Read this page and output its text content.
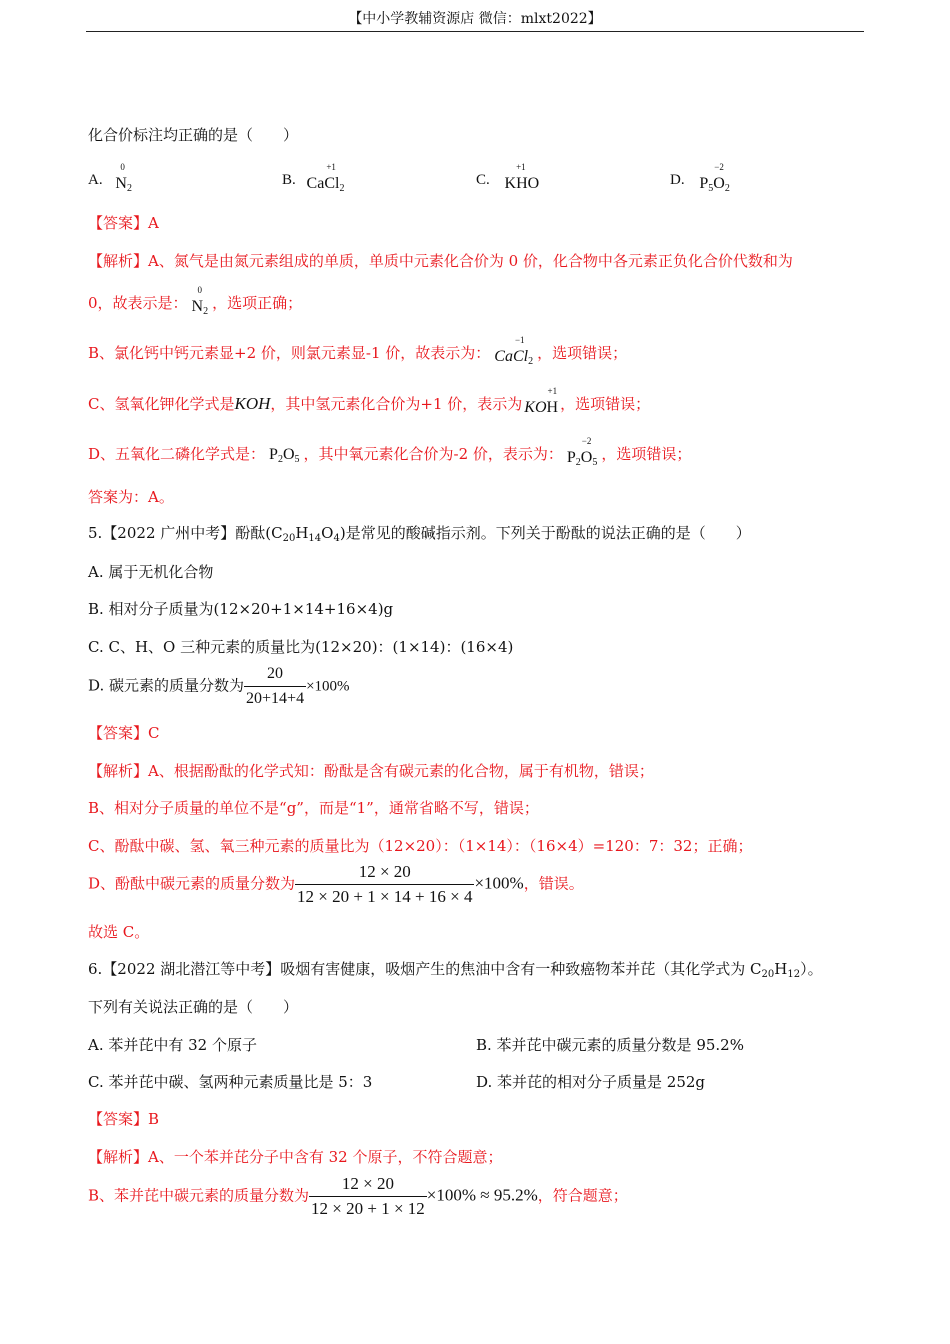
【中小学教辅资源店 微信：mlxt2022】
化合价标注均正确的是（　　）
A.
0
N2
B. Ca
+1
Cl2
C. K
+1
HO	D. P5
−2
O2
【答案】A
【解析】A、氮气是由氮元素组成的单质，单质中元素化合价为 0 价，化合物中各元素正负化合价代数和为
0，故表示是：
0
N2 ，选项正确；
B、氯化钙中钙元素显+2 价，则氯元素显-1 价，故表示为： Ca
−1
Cl2 ，选项错误；
C、氢氧化钾化学式是KOH，其中氢元素化合价为+1 价，表示为 KO
+1
H ，选项错误；
D、五氧化二磷化学式是： P2O5 ，其中氧元素化合价为-2 价，表示为： P2
−2
O5 ，选项错误；
答案为：A。
5.【2022 广州中考】酚酞$(C_{20}H_{14}O_4)$是常见的酸碱指示剂。下列关于酚酞的说法正确的是（　　）
A. 属于无机化合物
B. 相对分子质量为(12×20+1×14+16×4)g
C. C、H、O 三种元素的质量比为(12×20)：(1×14)：(16×4)
D. 碳元素的质量分数为 $\frac{20}{20+14+4} \times 100\%$
【答案】C
【解析】A、根据酚酞的化学式知：酚酞是含有碳元素的化合物，属于有机物，错误；
B、相对分子质量的单位不是“g”，而是“1”，通常省略不写，错误；
C、酚酞中碳、氢、氧三种元素的质量比为（12×20）：（1×14）：（16×4）=120：7：32；正确；
D、酚酞中碳元素的质量分数为 $\frac{12 \times 20}{12 \times 20 + 1 \times 14 + 16 \times 4} \times 100\%$，错误。
故选 C。
6.【2022 湖北潜江等中考】吸烟有害健康，吸烟产生的焦油中含有一种致癌物苯并芘（其化学式为 $C_{20}H_{12}$）。
下列有关说法正确的是（　　）
A. 苯并芘中有 32 个原子	B. 苯并芘中碳元素的质量分数是 95.2%
C. 苯并芘中碳、氢两种元素质量比是 5：3	D. 苯并芘的相对分子质量是 252g
【答案】B
【解析】A、一个苯并芘分子中含有 32 个原子，不符合题意；
B、苯并芘中碳元素的质量分数为 $\frac{12 \times 20}{12 \times 20 + 1 \times 12} \times 100\% \approx 95.2\%$，符合题意；
